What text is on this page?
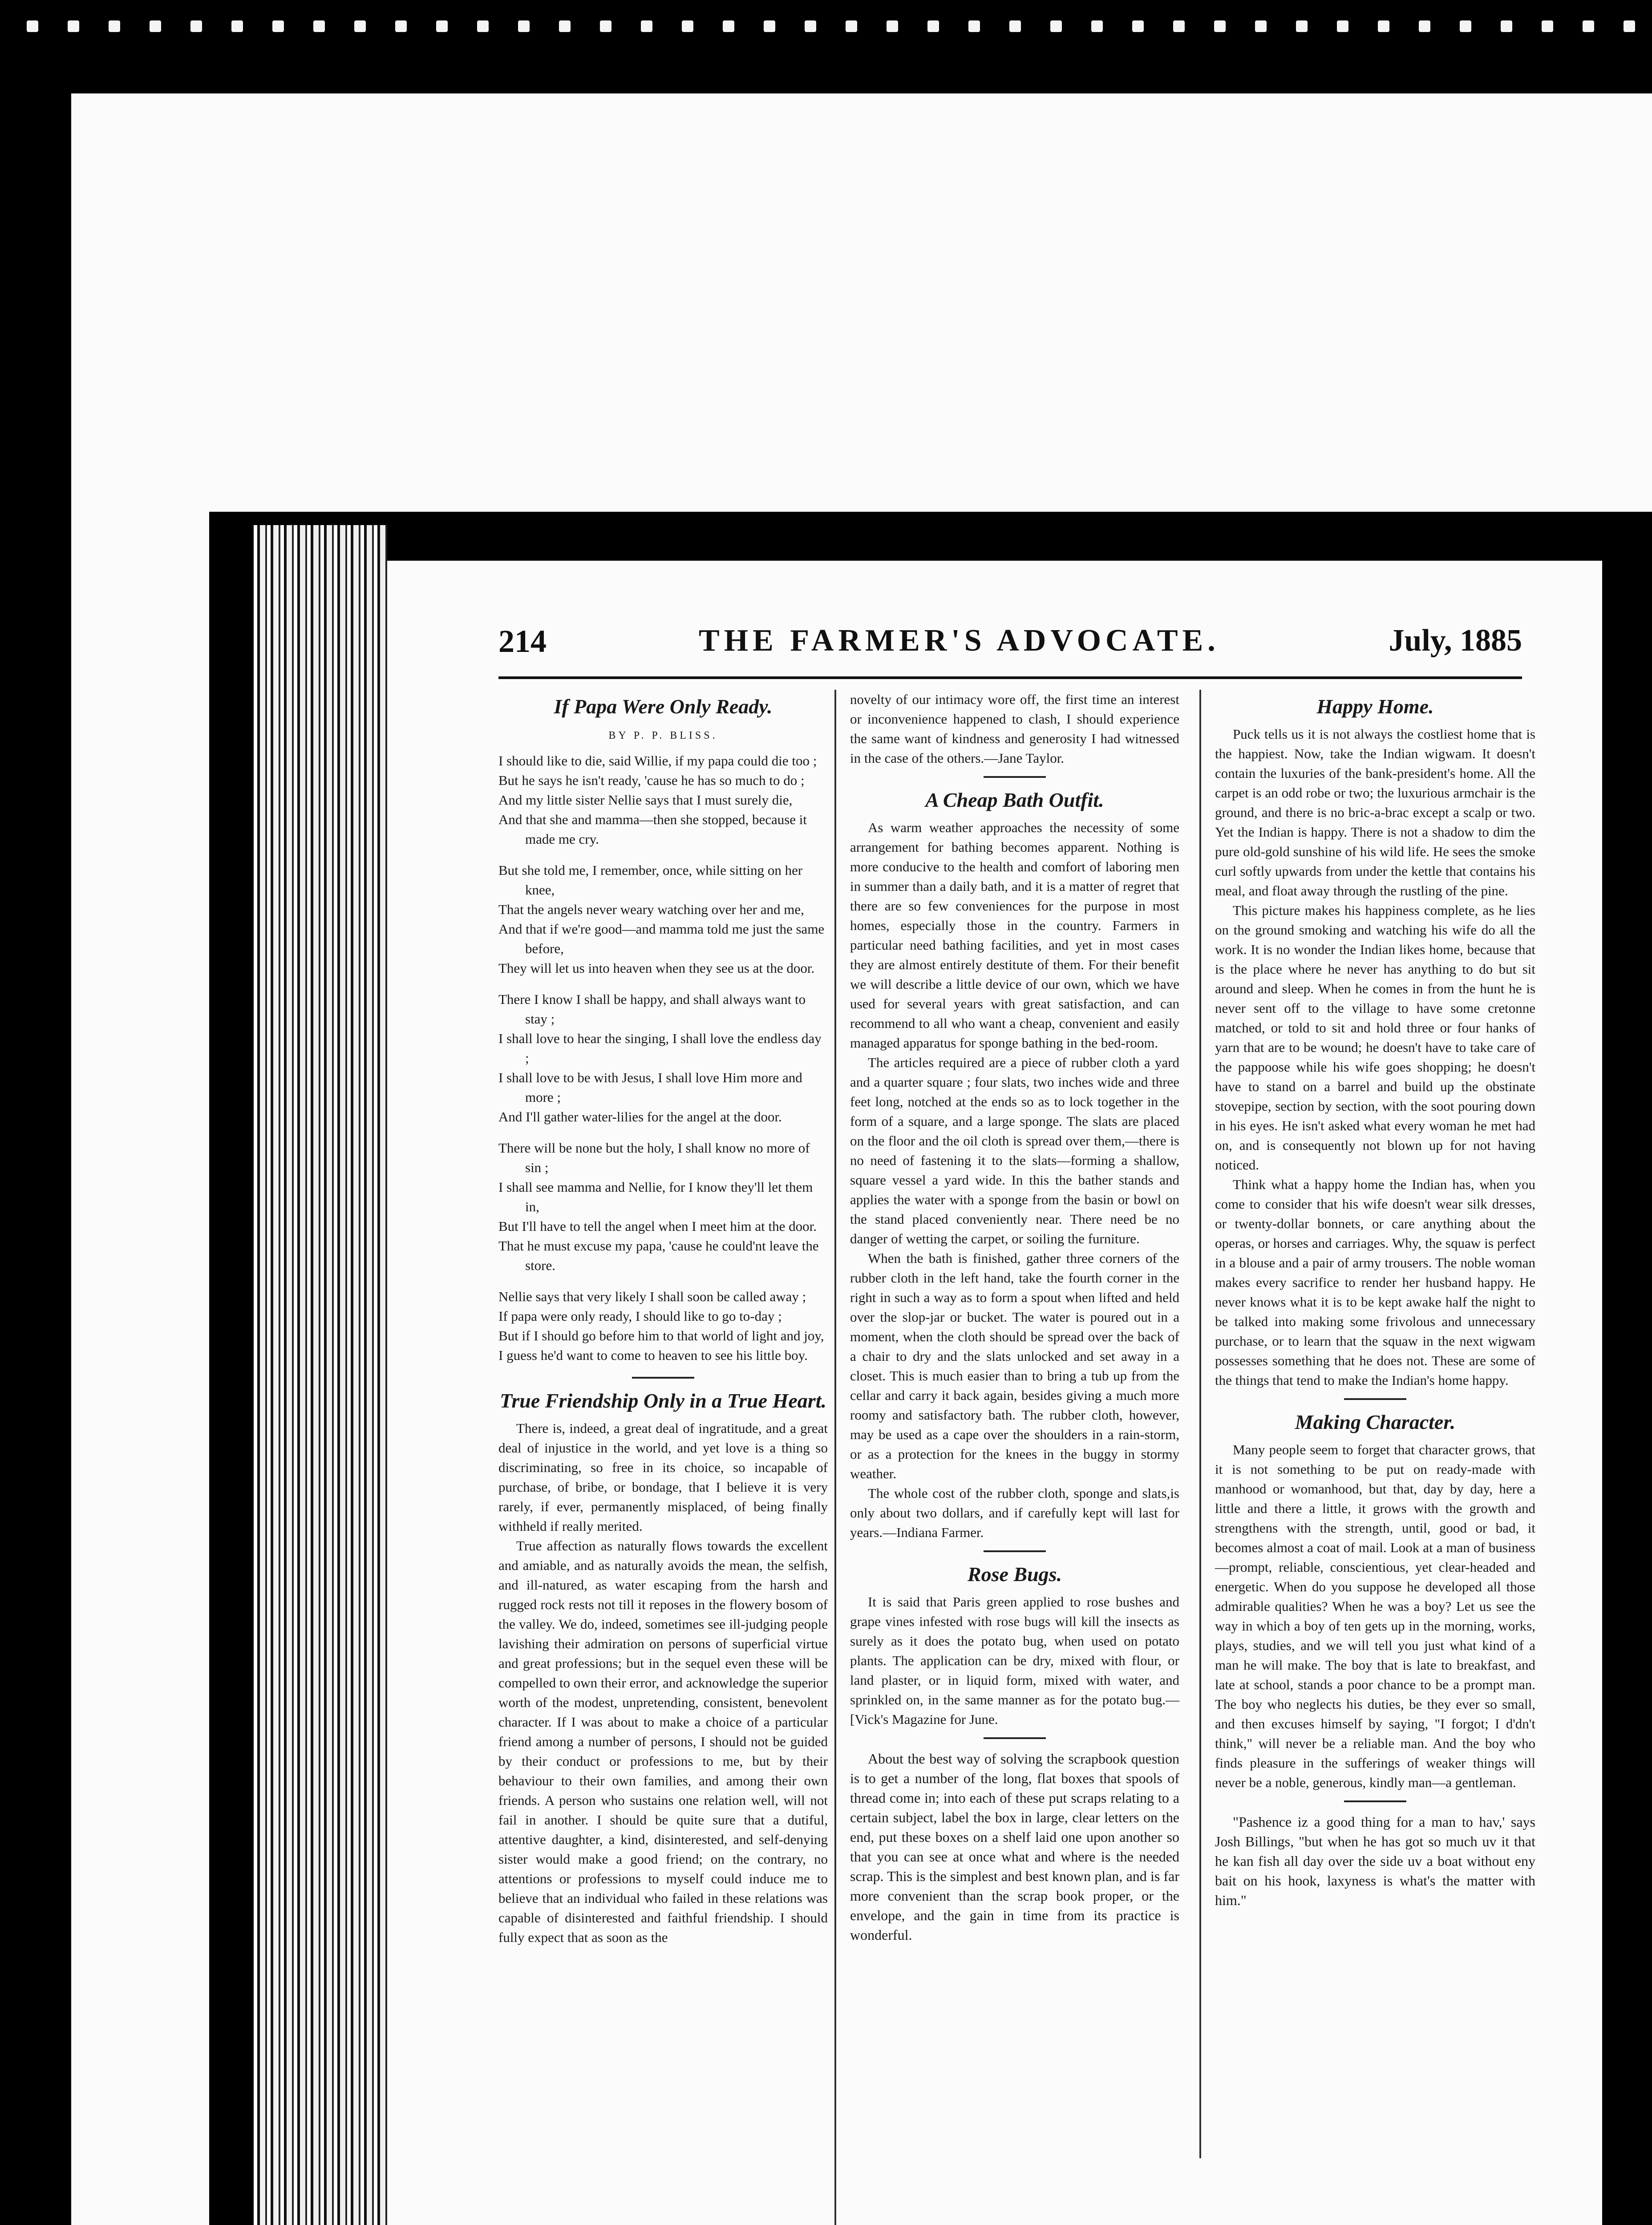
214	THE FARMER'S ADVOCATE.	July, 1885
If Papa Were Only Ready.
BY P. P. BLISS.

I should like to die, said Willie, if my papa could die too ;

But he says he isn't ready, 'cause he has so much to do ;

And my little sister Nellie says that I must surely die,

And that she and mamma—then she stopped, because it made me cry.

But she told me, I remember, once, while sitting on her knee,

That the angels never weary watching over her and me,

And that if we're good—and mamma told me just the same before,

They will let us into heaven when they see us at the door.

There I know I shall be happy, and shall always want to stay ;

I shall love to hear the singing, I shall love the endless day ;

I shall love to be with Jesus, I shall love Him more and more ;

And I'll gather water-lilies for the angel at the door.

There will be none but the holy, I shall know no more of sin ;

I shall see mamma and Nellie, for I know they'll let them in,

But I'll have to tell the angel when I meet him at the door.

That he must excuse my papa, 'cause he could'nt leave the store.

Nellie says that very likely I shall soon be called away ;

If papa were only ready, I should like to go to-day ;

But if I should go before him to that world of light and joy,

I guess he'd want to come to heaven to see his little boy.

True Friendship Only in a True Heart.

There is, indeed, a great deal of ingratitude, and a great deal of injustice in the world, and yet love is a thing so discriminating, so free in its choice, so incapable of purchase, of bribe, or bondage, that I believe it is very rarely, if ever, permanently misplaced, of being finally withheld if really merited.

True affection as naturally flows towards the excellent and amiable, and as naturally avoids the mean, the selfish, and ill-natured, as water escaping from the harsh and rugged rock rests not till it reposes in the flowery bosom of the valley. We do, indeed, sometimes see ill-judging people lavishing their admiration on persons of superficial virtue and great professions; but in the sequel even these will be compelled to own their error, and acknowledge the superior worth of the modest, unpretending, consistent, benevolent character. If I was about to make a choice of a particular friend among a number of persons, I should not be guided by their conduct or professions to me, but by their behaviour to their own families, and among their own friends. A person who sustains one relation well, will not fail in another. I should be quite sure that a dutiful, attentive daughter, a kind, disinterested, and self-denying sister would make a good friend; on the contrary, no attentions or professions to myself could induce me to believe that an individual who failed in these relations was capable of disinterested and faithful friendship. I should fully expect that as soon as the

novelty of our intimacy wore off, the first time an interest or inconvenience happened to clash, I should experience the same want of kindness and generosity I had witnessed in the case of the others.—Jane Taylor.

A Cheap Bath Outfit.

As warm weather approaches the necessity of some arrangement for bathing becomes apparent. Nothing is more conducive to the health and comfort of laboring men in summer than a daily bath, and it is a matter of regret that there are so few conveniences for the purpose in most homes, especially those in the country. Farmers in particular need bathing facilities, and yet in most cases they are almost entirely destitute of them. For their benefit we will describe a little device of our own, which we have used for several years with great satisfaction, and can recommend to all who want a cheap, convenient and easily managed apparatus for sponge bathing in the bed-room.

The articles required are a piece of rubber cloth a yard and a quarter square ; four slats, two inches wide and three feet long, notched at the ends so as to lock together in the form of a square, and a large sponge. The slats are placed on the floor and the oil cloth is spread over them,—there is no need of fastening it to the slats—forming a shallow, square vessel a yard wide. In this the bather stands and applies the water with a sponge from the basin or bowl on the stand placed conveniently near. There need be no danger of wetting the carpet, or soiling the furniture.

When the bath is finished, gather three corners of the rubber cloth in the left hand, take the fourth corner in the right in such a way as to form a spout when lifted and held over the slop-jar or bucket. The water is poured out in a moment, when the cloth should be spread over the back of a chair to dry and the slats unlocked and set away in a closet. This is much easier than to bring a tub up from the cellar and carry it back again, besides giving a much more roomy and satisfactory bath. The rubber cloth, however, may be used as a cape over the shoulders in a rain-storm, or as a protection for the knees in the buggy in stormy weather.

The whole cost of the rubber cloth, sponge and slats,is only about two dollars, and if carefully kept will last for years.—Indiana Farmer.

Rose Bugs.

It is said that Paris green applied to rose bushes and grape vines infested with rose bugs will kill the insects as surely as it does the potato bug, when used on potato plants. The application can be dry, mixed with flour, or land plaster, or in liquid form, mixed with water, and sprinkled on, in the same manner as for the potato bug.—[Vick's Magazine for June.

About the best way of solving the scrapbook question is to get a number of the long, flat boxes that spools of thread come in; into each of these put scraps relating to a certain subject, label the box in large, clear letters on the end, put these boxes on a shelf laid one upon another so that you can see at once what and where is the needed scrap. This is the simplest and best known plan, and is far more convenient than the scrap book proper, or the envelope, and the gain in time from its practice is wonderful.

Happy Home.

Puck tells us it is not always the costliest home that is the happiest. Now, take the Indian wigwam. It doesn't contain the luxuries of the bank-president's home. All the carpet is an odd robe or two; the luxurious armchair is the ground, and there is no bric-a-brac except a scalp or two. Yet the Indian is happy. There is not a shadow to dim the pure old-gold sunshine of his wild life. He sees the smoke curl softly upwards from under the kettle that contains his meal, and float away through the rustling of the pine.

This picture makes his happiness complete, as he lies on the ground smoking and watching his wife do all the work. It is no wonder the Indian likes home, because that is the place where he never has anything to do but sit around and sleep. When he comes in from the hunt he is never sent off to the village to have some cretonne matched, or told to sit and hold three or four hanks of yarn that are to be wound; he doesn't have to take care of the pappoose while his wife goes shopping; he doesn't have to stand on a barrel and build up the obstinate stovepipe, section by section, with the soot pouring down in his eyes. He isn't asked what every woman he met had on, and is consequently not blown up for not having noticed.

Think what a happy home the Indian has, when you come to consider that his wife doesn't wear silk dresses, or twenty-dollar bonnets, or care anything about the operas, or horses and carriages. Why, the squaw is perfect in a blouse and a pair of army trousers. The noble woman makes every sacrifice to render her husband happy. He never knows what it is to be kept awake half the night to be talked into making some frivolous and unnecessary purchase, or to learn that the squaw in the next wigwam possesses something that he does not. These are some of the things that tend to make the Indian's home happy.

Making Character.

Many people seem to forget that character grows, that it is not something to be put on ready-made with manhood or womanhood, but that, day by day, here a little and there a little, it grows with the growth and strengthens with the strength, until, good or bad, it becomes almost a coat of mail. Look at a man of business—prompt, reliable, conscientious, yet clear-headed and energetic. When do you suppose he developed all those admirable qualities? When he was a boy? Let us see the way in which a boy of ten gets up in the morning, works, plays, studies, and we will tell you just what kind of a man he will make. The boy that is late to breakfast, and late at school, stands a poor chance to be a prompt man. The boy who neglects his duties, be they ever so small, and then excuses himself by saying, "I forgot; I d'dn't think," will never be a reliable man. And the boy who finds pleasure in the sufferings of weaker things will never be a noble, generous, kindly man—a gentleman.

"Pashence iz a good thing for a man to hav,' says Josh Billings, "but when he has got so much uv it that he kan fish all day over the side uv a boat without eny bait on his hook, laxyness is what's the matter with him."
